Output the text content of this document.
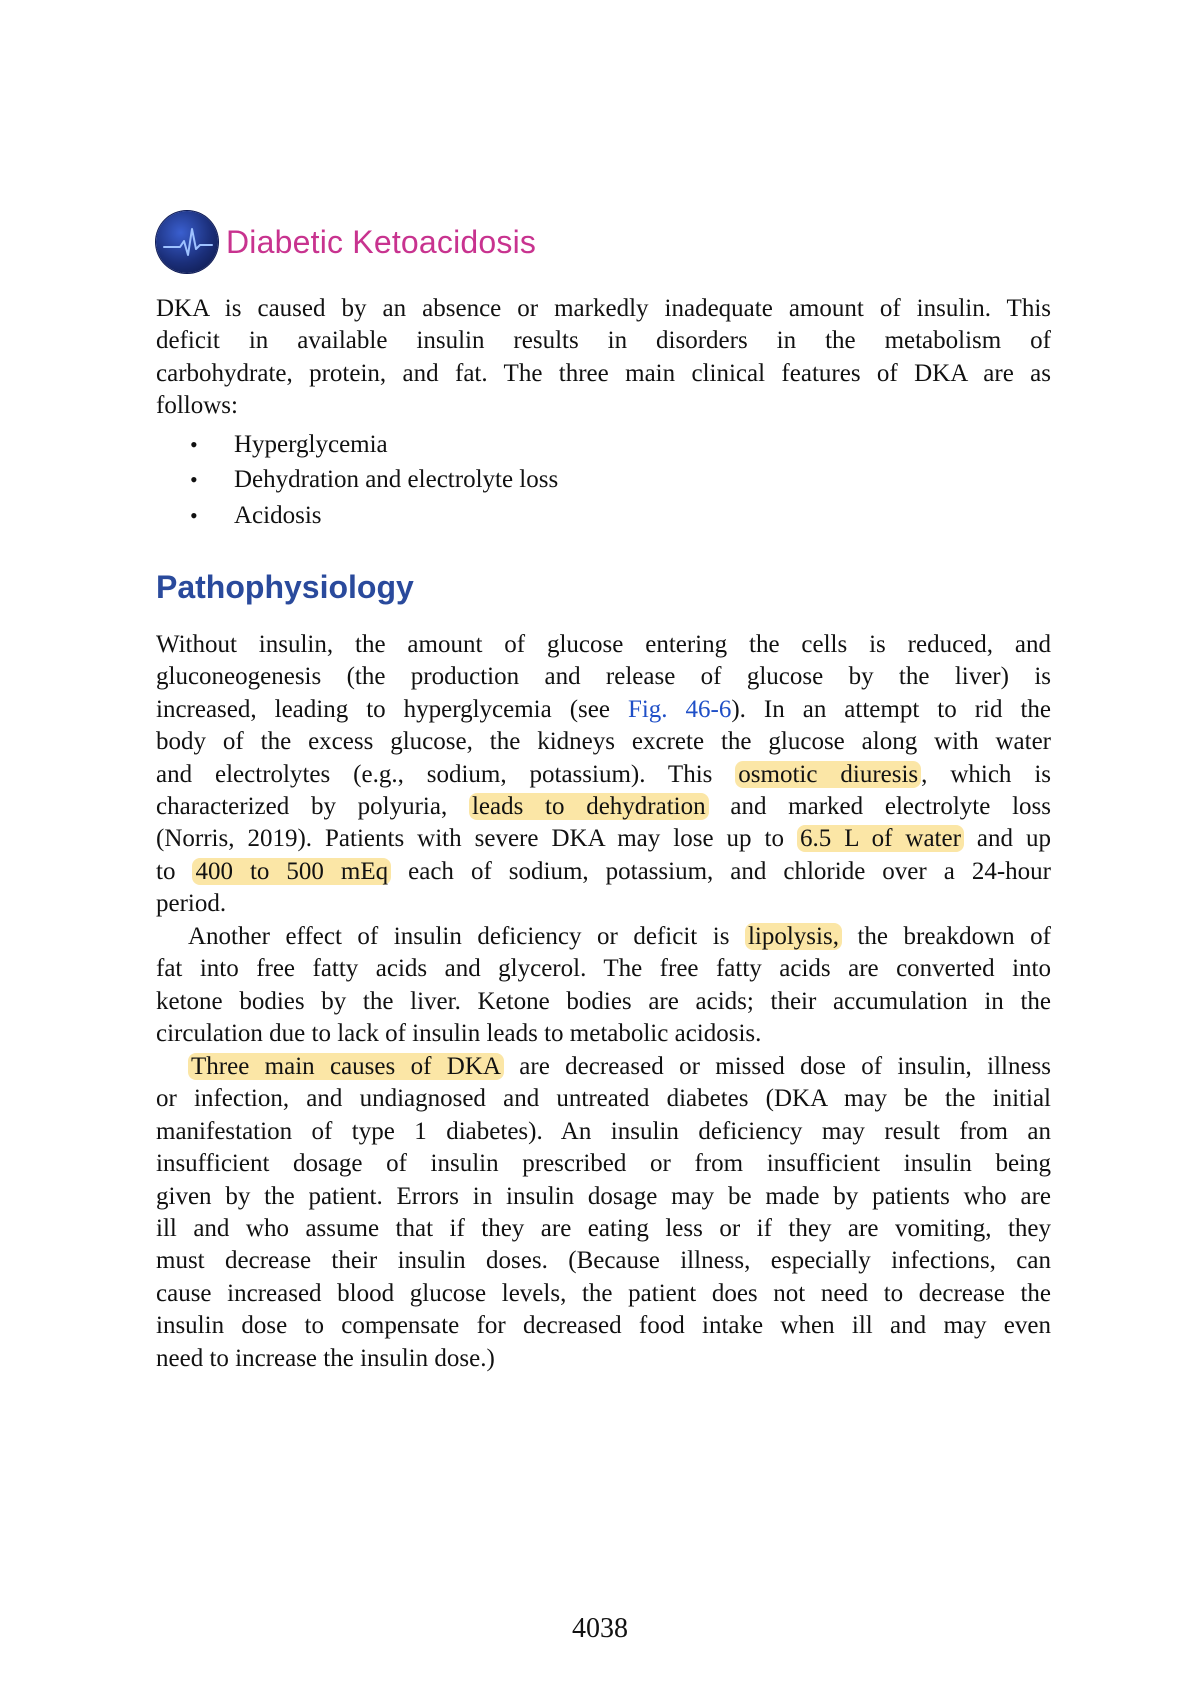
Diabetic Ketoacidosis
DKA is caused by an absence or markedly inadequate amount of insulin. This
deficit in available insulin results in disorders in the metabolism of
carbohydrate, protein, and fat. The three main clinical features of DKA are as
follows:
•	Hyperglycemia
•	Dehydration and electrolyte loss
•	Acidosis
Pathophysiology
Without insulin, the amount of glucose entering the cells is reduced, and
gluconeogenesis (the production and release of glucose by the liver) is
increased, leading to hyperglycemia (see Fig. 46-6). In an attempt to rid the
body of the excess glucose, the kidneys excrete the glucose along with water
and electrolytes (e.g., sodium, potassium). This osmotic diuresis , which is
characterized by polyuria, leads to dehydration and marked electrolyte loss
(Norris, 2019). Patients with severe DKA may lose up to 6.5 L of water and up
to 400 to 500 mEq each of sodium, potassium, and chloride over a 24-hour
period.
Another effect of insulin deficiency or deficit is lipolysis, the breakdown of
fat into free fatty acids and glycerol. The free fatty acids are converted into
ketone bodies by the liver. Ketone bodies are acids; their accumulation in the
circulation due to lack of insulin leads to metabolic acidosis.
Three main causes of DKA are decreased or missed dose of insulin, illness
or infection, and undiagnosed and untreated diabetes (DKA may be the initial
manifestation of type 1 diabetes). An insulin deficiency may result from an
insufficient dosage of insulin prescribed or from insufficient insulin being
given by the patient. Errors in insulin dosage may be made by patients who are
ill and who assume that if they are eating less or if they are vomiting, they
must decrease their insulin doses. (Because illness, especially infections, can
cause increased blood glucose levels, the patient does not need to decrease the
insulin dose to compensate for decreased food intake when ill and may even
need to increase the insulin dose.)
4038
